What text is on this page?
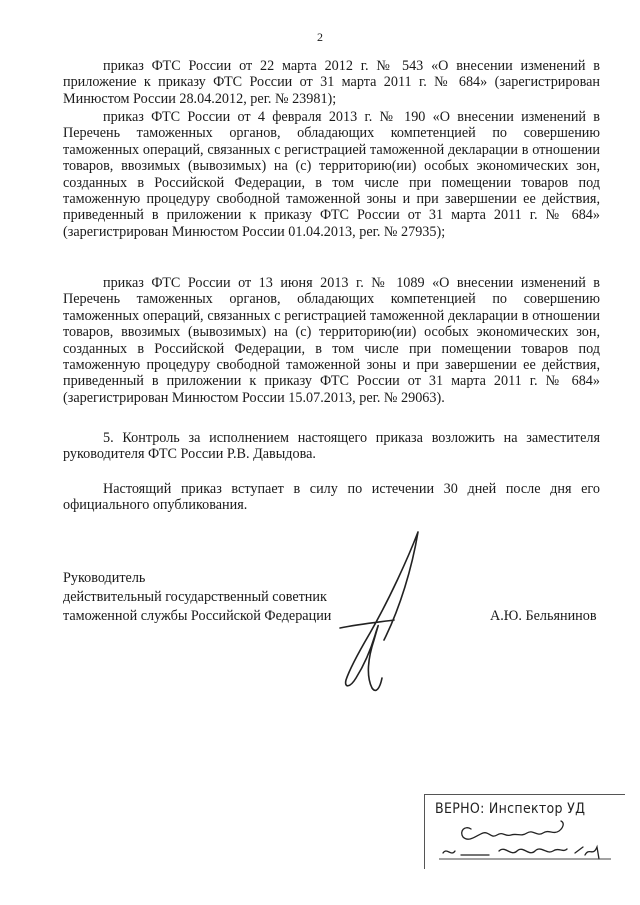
2

приказ ФТС России от 22 марта 2012 г. № 543 «О внесении изменений в приложение к приказу ФТС России от 31 марта 2011 г. № 684» (зарегистрирован Минюстом России 28.04.2012, рег. № 23981);

приказ ФТС России от 4 февраля 2013 г. № 190 «О внесении изменений в Перечень таможенных органов, обладающих компетенцией по совершению таможенных операций, связанных с регистрацией таможенной декларации в отношении товаров, ввозимых (вывозимых) на (с) территорию(ии) особых экономических зон, созданных в Российской Федерации, в том числе при помещении товаров под таможенную процедуру свободной таможенной зоны и при завершении ее действия, приведенный в приложении к приказу ФТС России от 31 марта 2011 г. № 684» (зарегистрирован Минюстом России 01.04.2013, рег. № 27935);

приказ ФТС России от 13 июня 2013 г. № 1089 «О внесении изменений в Перечень таможенных органов, обладающих компетенцией по совершению таможенных операций, связанных с регистрацией таможенной декларации в отношении товаров, ввозимых (вывозимых) на (с) территорию(ии) особых экономических зон, созданных в Российской Федерации, в том числе при помещении товаров под таможенную процедуру свободной таможенной зоны и при завершении ее действия, приведенный в приложении к приказу ФТС России от 31 марта 2011 г. № 684» (зарегистрирован Минюстом России 15.07.2013, рег. № 29063).

5. Контроль за исполнением настоящего приказа возложить на заместителя руководителя ФТС России Р.В. Давыдова.

Настоящий приказ вступает в силу по истечении 30 дней после дня его официального опубликования.

Руководитель
действительный государственный советник
таможенной службы Российской Федерации	А.Ю. Бельянинов
ВЕРНО: Инспектор УД
